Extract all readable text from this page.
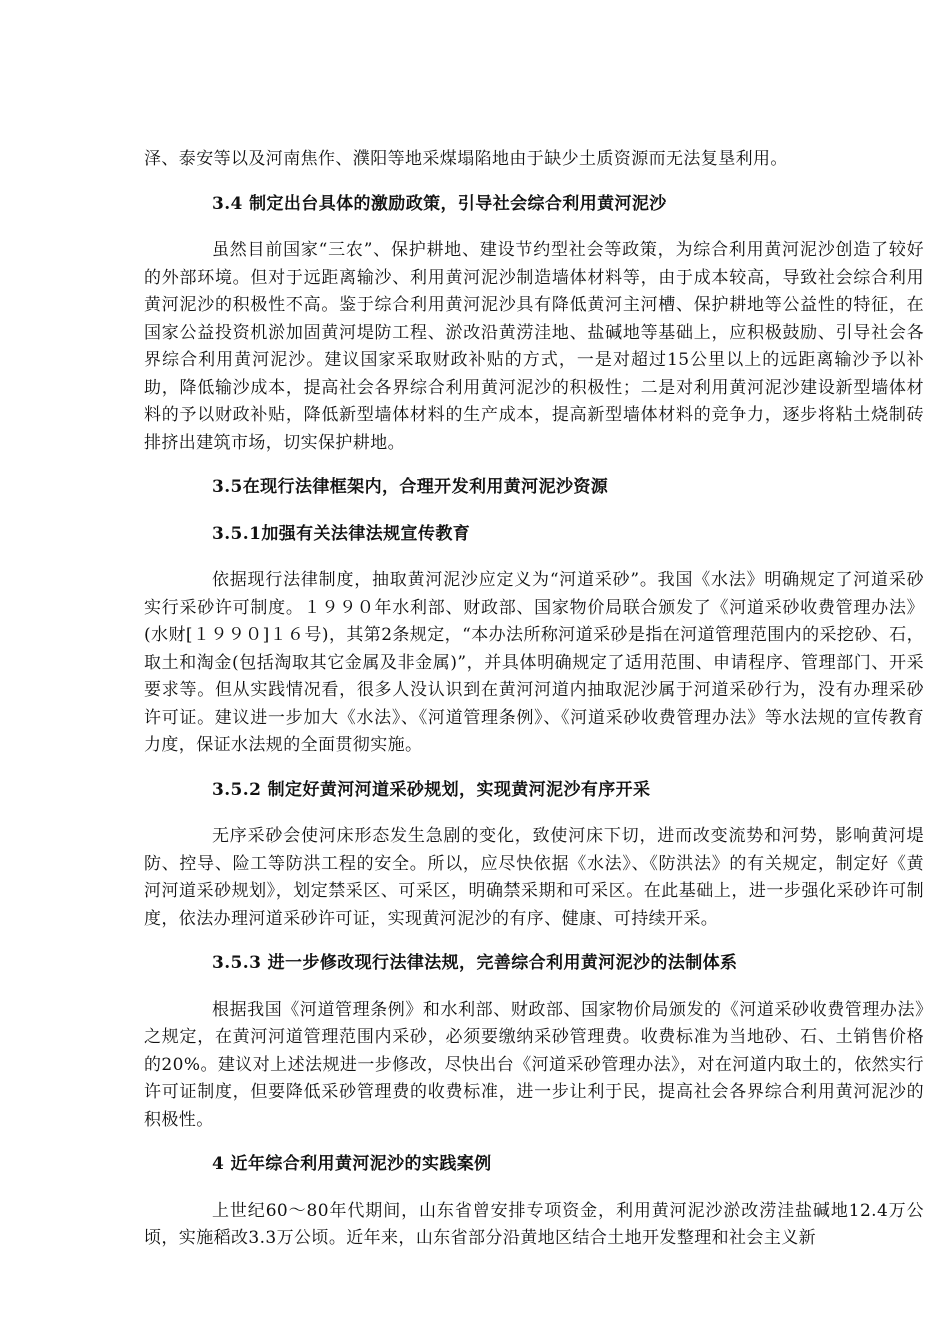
泽、泰安等以及河南焦作、濮阳等地采煤塌陷地由于缺少土质资源而无法复垦利用。

3.4 制定出台具体的激励政策，引导社会综合利用黄河泥沙

虽然目前国家“三农”、保护耕地、建设节约型社会等政策，为综合利用黄河泥沙创造了较好的外部环境。但对于远距离输沙、利用黄河泥沙制造墙体材料等，由于成本较高，导致社会综合利用黄河泥沙的积极性不高。鉴于综合利用黄河泥沙具有降低黄河主河槽、保护耕地等公益性的特征，在国家公益投资机淤加固黄河堤防工程、淤改沿黄涝洼地、盐碱地等基础上，应积极鼓励、引导社会各界综合利用黄河泥沙。建议国家采取财政补贴的方式，一是对超过15公里以上的远距离输沙予以补助，降低输沙成本，提高社会各界综合利用黄河泥沙的积极性；二是对利用黄河泥沙建设新型墙体材料的予以财政补贴，降低新型墙体材料的生产成本，提高新型墙体材料的竞争力，逐步将粘土烧制砖排挤出建筑市场，切实保护耕地。

3.5在现行法律框架内，合理开发利用黄河泥沙资源

3.5.1加强有关法律法规宣传教育

依据现行法律制度，抽取黄河泥沙应定义为“河道采砂”。我国《水法》明确规定了河道采砂实行采砂许可制度。１９９０年水利部、财政部、国家物价局联合颁发了《河道采砂收费管理办法》(水财[１９９０]１６号)，其第2条规定，“本办法所称河道采砂是指在河道管理范围内的采挖砂、石，取土和淘金(包括淘取其它金属及非金属)”，并具体明确规定了适用范围、申请程序、管理部门、开采要求等。但从实践情况看，很多人没认识到在黄河河道内抽取泥沙属于河道采砂行为，没有办理采砂许可证。建议进一步加大《水法》、《河道管理条例》、《河道采砂收费管理办法》等水法规的宣传教育力度，保证水法规的全面贯彻实施。

3.5.2 制定好黄河河道采砂规划，实现黄河泥沙有序开采

无序采砂会使河床形态发生急剧的变化，致使河床下切，进而改变流势和河势，影响黄河堤防、控导、险工等防洪工程的安全。所以，应尽快依据《水法》、《防洪法》的有关规定，制定好《黄河河道采砂规划》，划定禁采区、可采区，明确禁采期和可采区。在此基础上，进一步强化采砂许可制度，依法办理河道采砂许可证，实现黄河泥沙的有序、健康、可持续开采。

3.5.3 进一步修改现行法律法规，完善综合利用黄河泥沙的法制体系

根据我国《河道管理条例》和水利部、财政部、国家物价局颁发的《河道采砂收费管理办法》之规定，在黄河河道管理范围内采砂，必须要缴纳采砂管理费。收费标准为当地砂、石、土销售价格的20%。建议对上述法规进一步修改，尽快出台《河道采砂管理办法》，对在河道内取土的，依然实行许可证制度，但要降低采砂管理费的收费标准，进一步让利于民，提高社会各界综合利用黄河泥沙的积极性。

4 近年综合利用黄河泥沙的实践案例

上世纪60～80年代期间，山东省曾安排专项资金，利用黄河泥沙淤改涝洼盐碱地12.4万公顷，实施稻改3.3万公顷。近年来，山东省部分沿黄地区结合土地开发整理和社会主义新
